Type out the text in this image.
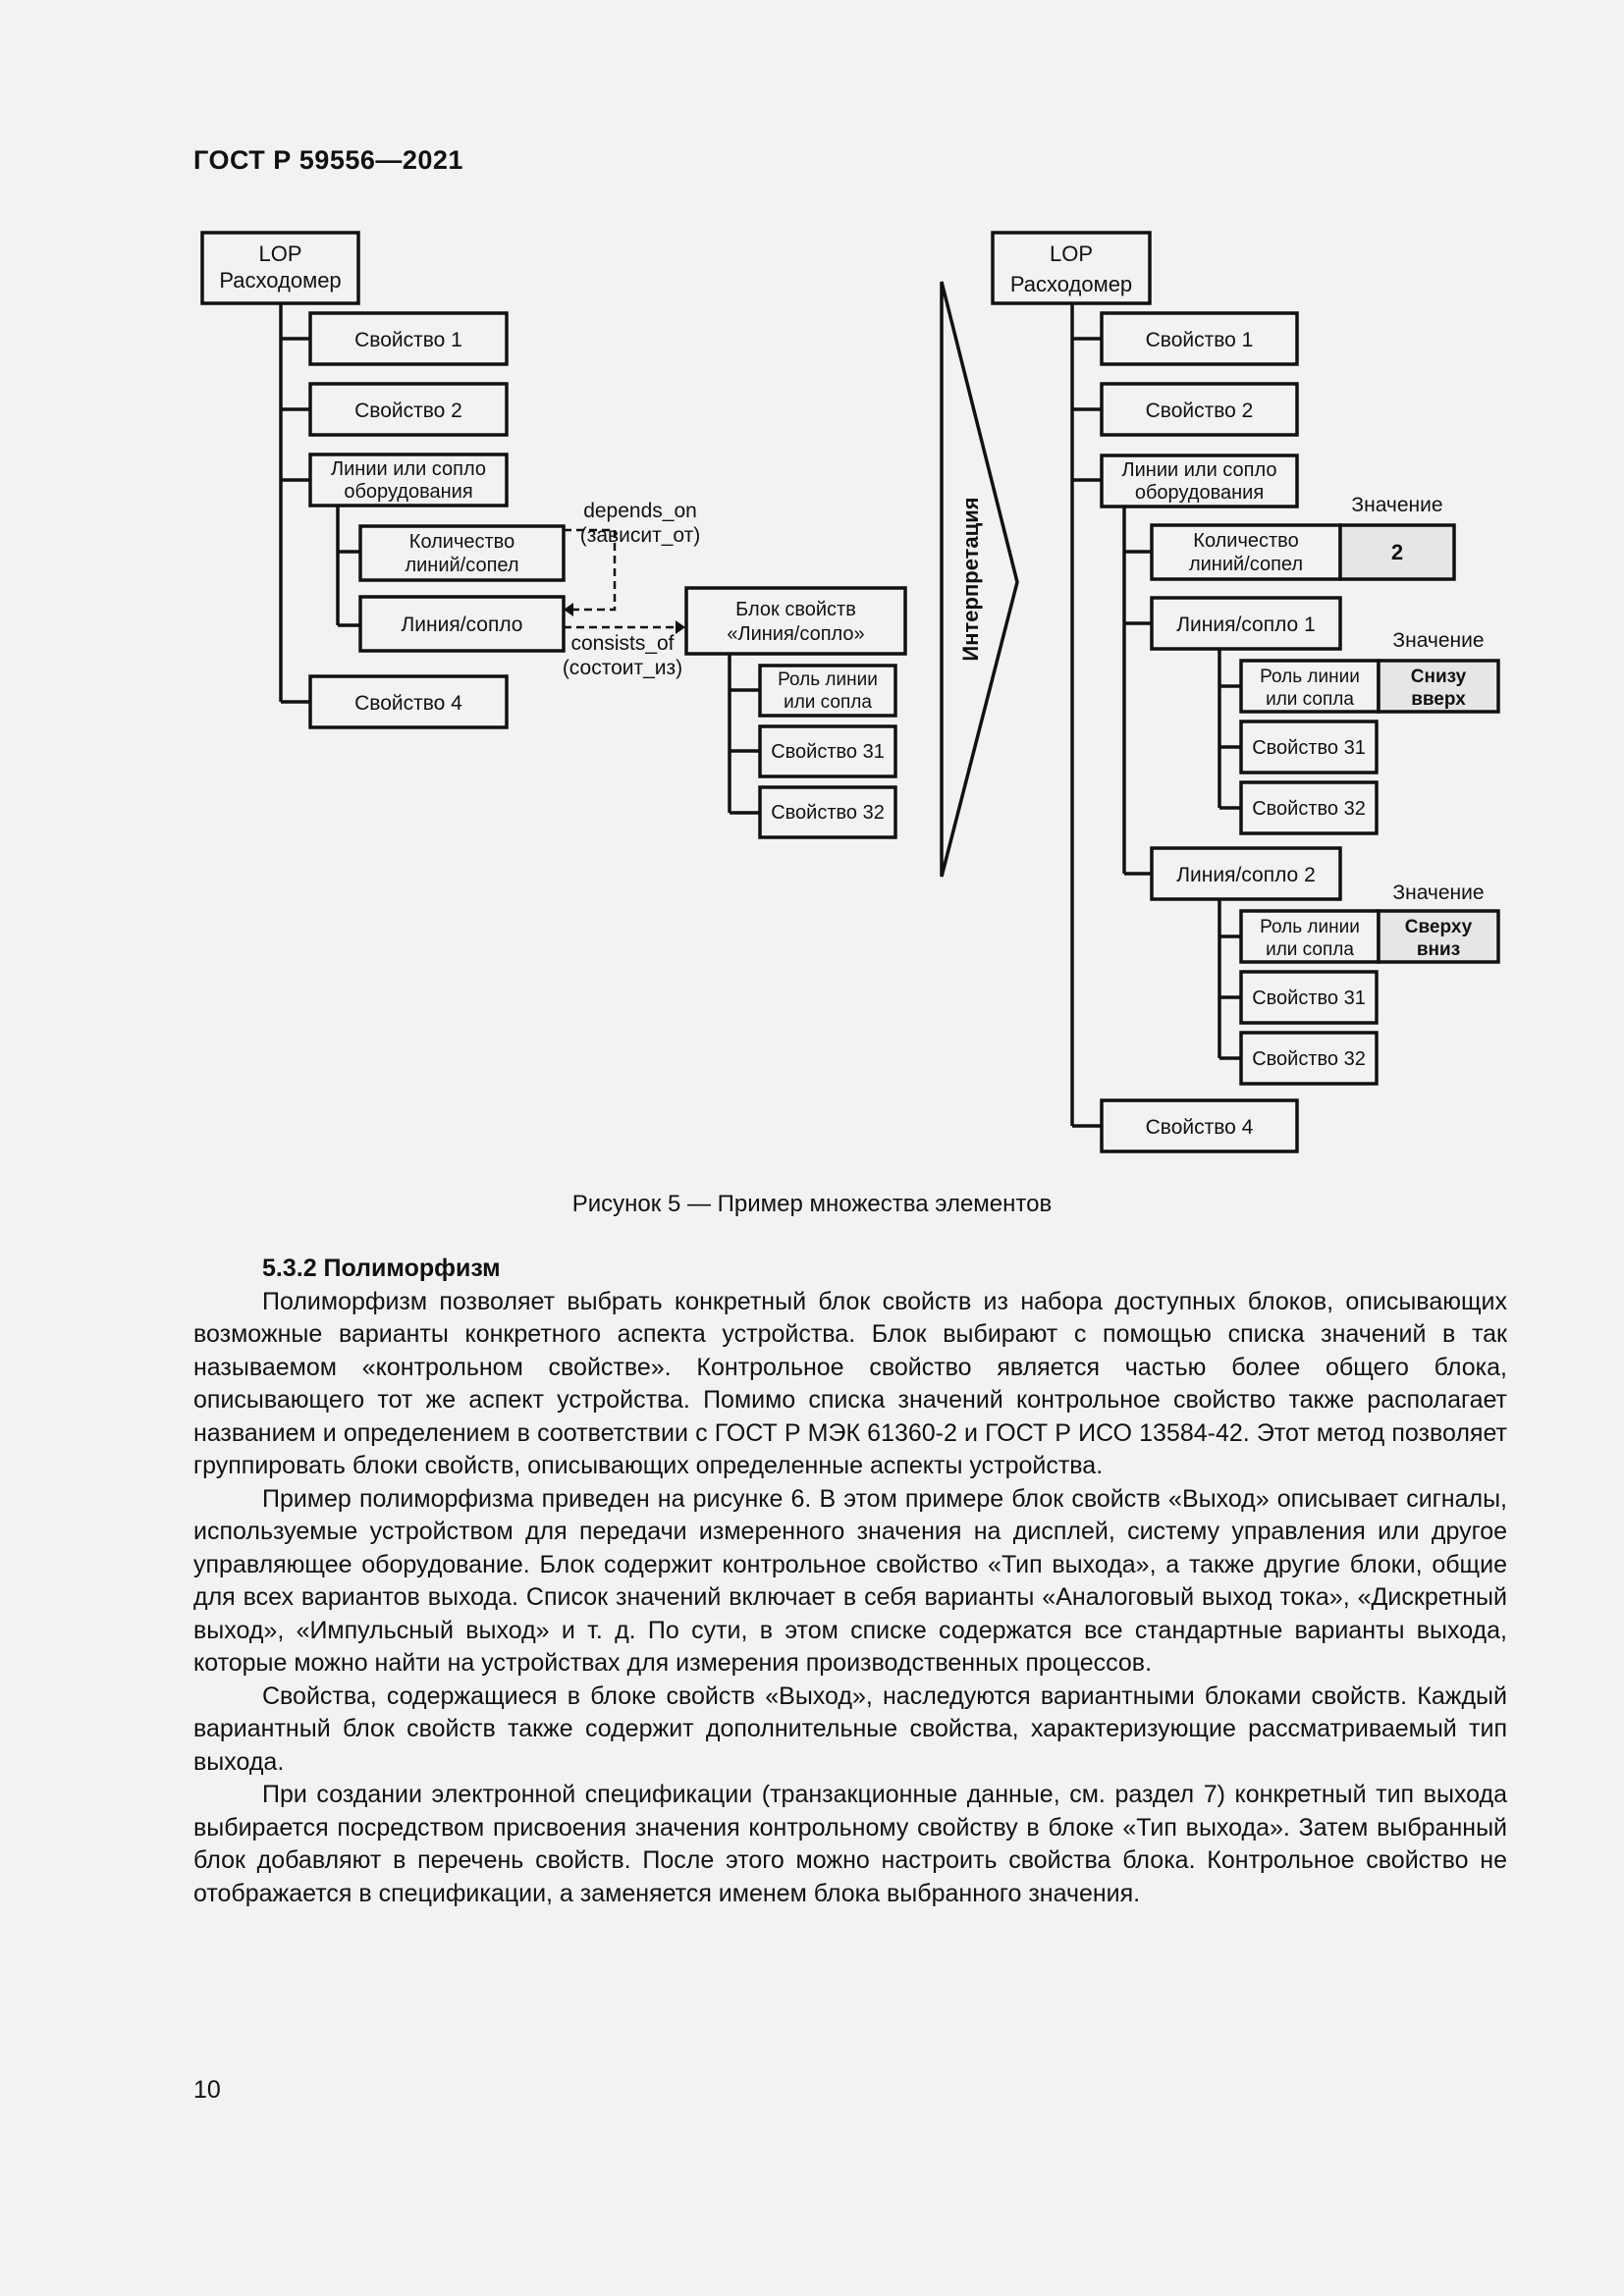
ГОСТ Р 59556—2021
LOP
Расходомер
Свойство 1
Свойство 2
Линии или сопло
оборудования
Количество
линий/сопел
Линия/сопло
Свойство 4
depends_on
(зависит_от)
consists_of
(состоит_из)
Блок свойств
«Линия/сопло»
Роль линии
или сопла
Свойство 31
Свойство 32
Интерпретация
LOP
Расходомер
Свойство 1
Свойство 2
Линии или сопло
оборудования
Значение
Количество
линий/сопел	2
Линия/сопло 1
Значение
Роль линии
или сопла
Снизу
вверх
Свойство 31
Свойство 32
Линия/сопло 2
Значение
Роль линии
или сопла
Сверху
вниз
Свойство 31
Свойство 32
Свойство 4
Рисунок 5 — Пример множества элементов
5.3.2 Полиморфизм

Полиморфизм позволяет выбрать конкретный блок свойств из набора доступных блоков, описывающих возможные варианты конкретного аспекта устройства. Блок выбирают с помощью списка значений в так называемом «контрольном свойстве». Контрольное свойство является частью более общего блока, описывающего тот же аспект устройства. Помимо списка значений контрольное свойство также располагает названием и определением в соответствии с ГОСТ Р МЭК 61360-2 и ГОСТ Р ИСО 13584-42. Этот метод позволяет группировать блоки свойств, описывающих определенные аспекты устройства.

Пример полиморфизма приведен на рисунке 6. В этом примере блок свойств «Выход» описывает сигналы, используемые устройством для передачи измеренного значения на дисплей, систему управления или другое управляющее оборудование. Блок содержит контрольное свойство «Тип выхода», а также другие блоки, общие для всех вариантов выхода. Список значений включает в себя варианты «Аналоговый выход тока», «Дискретный выход», «Импульсный выход» и т. д. По сути, в этом списке содержатся все стандартные варианты выхода, которые можно найти на устройствах для измерения производственных процессов.

Свойства, содержащиеся в блоке свойств «Выход», наследуются вариантными блоками свойств. Каждый вариантный блок свойств также содержит дополнительные свойства, характеризующие рассматриваемый тип выхода.

При создании электронной спецификации (транзакционные данные, см. раздел 7) конкретный тип выхода выбирается посредством присвоения значения контрольному свойству в блоке «Тип выхода». Затем выбранный блок добавляют в перечень свойств. После этого можно настроить свойства блока. Контрольное свойство не отображается в спецификации, а заменяется именем блока выбранного значения.

10
